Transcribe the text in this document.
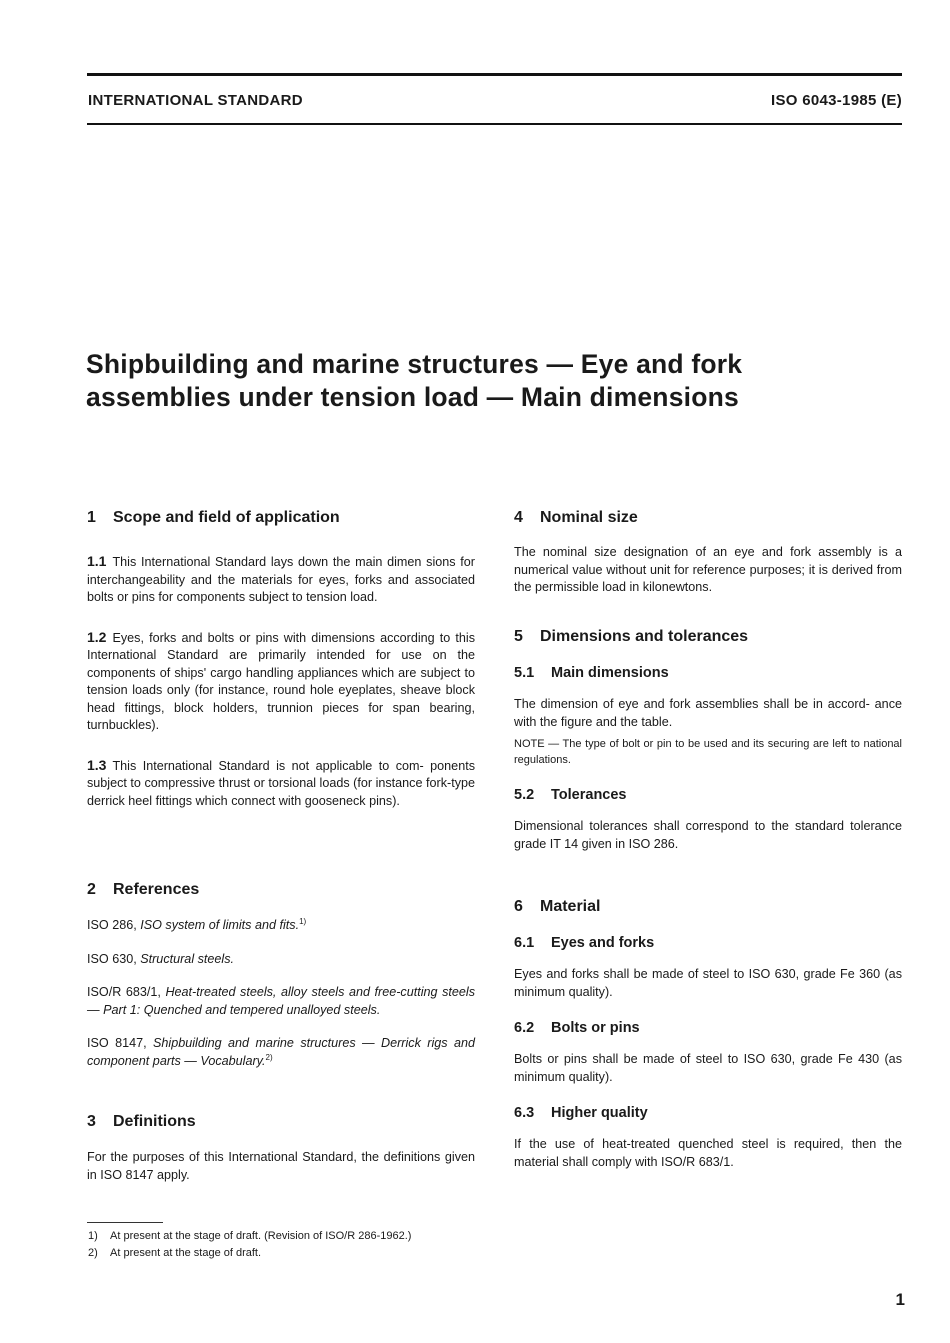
INTERNATIONAL STANDARD	ISO 6043-1985 (E)
Shipbuilding and marine structures — Eye and fork
assemblies under tension load — Main dimensions
1 Scope and field of application

1.1 This International Standard lays down the main dimen sions for interchangeability and the materials for eyes, forks and associated bolts or pins for components subject to tension load.

1.2 Eyes, forks and bolts or pins with dimensions according to this International Standard are primarily intended for use on the components of ships' cargo handling appliances which are subject to tension loads only (for instance, round hole eyeplates, sheave block head fittings, block holders, trunnion pieces for span bearing, turnbuckles).

1.3 This International Standard is not applicable to com- ponents subject to compressive thrust or torsional loads (for instance fork-type derrick heel fittings which connect with gooseneck pins).

2 References

ISO 286, ISO system of limits and fits.$^{1)}$

ISO 630, Structural steels.

ISO/R 683/1, Heat-treated steels, alloy steels and free-cutting steels — Part 1: Quenched and tempered unalloyed steels.

ISO 8147, Shipbuilding and marine structures — Derrick rigs and component parts — Vocabulary.$^{2)}$

3 Definitions

For the purposes of this International Standard, the definitions given in ISO 8147 apply.

4 Nominal size

The nominal size designation of an eye and fork assembly is a numerical value without unit for reference purposes; it is derived from the permissible load in kilonewtons.

5 Dimensions and tolerances
5.1 Main dimensions

The dimension of eye and fork assemblies shall be in accord- ance with the figure and the table.

NOTE — The type of bolt or pin to be used and its securing are left to national regulations.

5.2 Tolerances

Dimensional tolerances shall correspond to the standard tolerance grade IT 14 given in ISO 286.

6 Material
6.1 Eyes and forks

Eyes and forks shall be made of steel to ISO 630, grade Fe 360 (as minimum quality).

6.2 Bolts or pins

Bolts or pins shall be made of steel to ISO 630, grade Fe 430 (as minimum quality).

6.3 Higher quality

If the use of heat-treated quenched steel is required, then the material shall comply with ISO/R 683/1.

1) At present at the stage of draft. (Revision of ISO/R 286-1962.)
2) At present at the stage of draft.
1
